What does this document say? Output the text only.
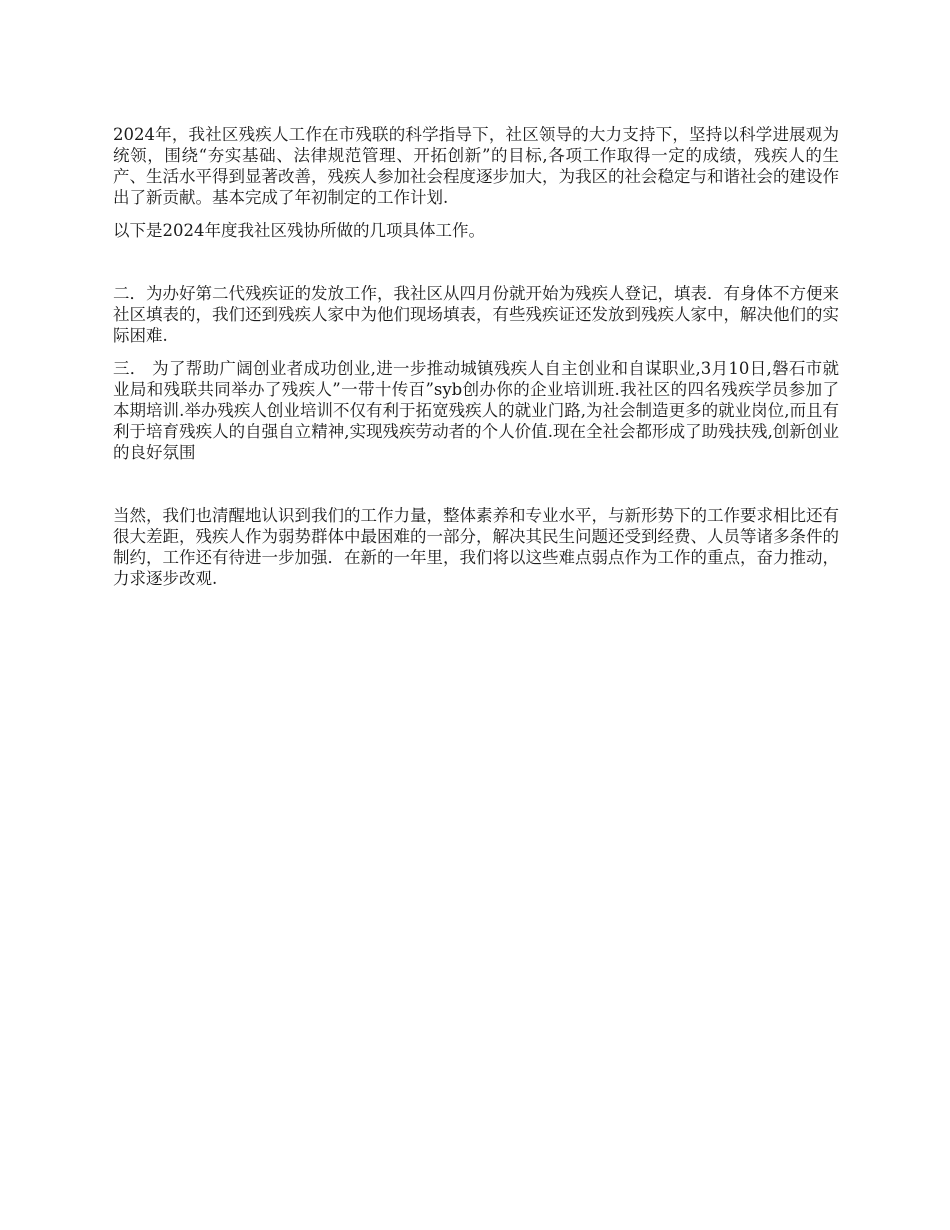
2024年，我社区残疾人工作在市残联的科学指导下，社区领导的大力支持下，坚持以科学进展观为统领，围绕“夯实基础、法律规范管理、开拓创新”的目标,各项工作取得一定的成绩，残疾人的生产、生活水平得到显著改善，残疾人参加社会程度逐步加大，为我区的社会稳定与和谐社会的建设作出了新贡献。基本完成了年初制定的工作计划.

以下是2024年度我社区残协所做的几项具体工作。

二．为办好第二代残疾证的发放工作，我社区从四月份就开始为残疾人登记，填表．有身体不方便来社区填表的，我们还到残疾人家中为他们现场填表，有些残疾证还发放到残疾人家中，解决他们的实际困难.

三． 为了帮助广阔创业者成功创业,进一步推动城镇残疾人自主创业和自谋职业,3月10日,磐石市就业局和残联共同举办了残疾人”一带十传百”syb创办你的企业培训班.我社区的四名残疾学员参加了本期培训.举办残疾人创业培训不仅有利于拓宽残疾人的就业门路,为社会制造更多的就业岗位,而且有利于培育残疾人的自强自立精神,实现残疾劳动者的个人价值.现在全社会都形成了助残扶残,创新创业的良好氛围

当然，我们也清醒地认识到我们的工作力量，整体素养和专业水平，与新形势下的工作要求相比还有很大差距，残疾人作为弱势群体中最困难的一部分，解决其民生问题还受到经费、人员等诸多条件的制约，工作还有待进一步加强．在新的一年里，我们将以这些难点弱点作为工作的重点，奋力推动，力求逐步改观.
